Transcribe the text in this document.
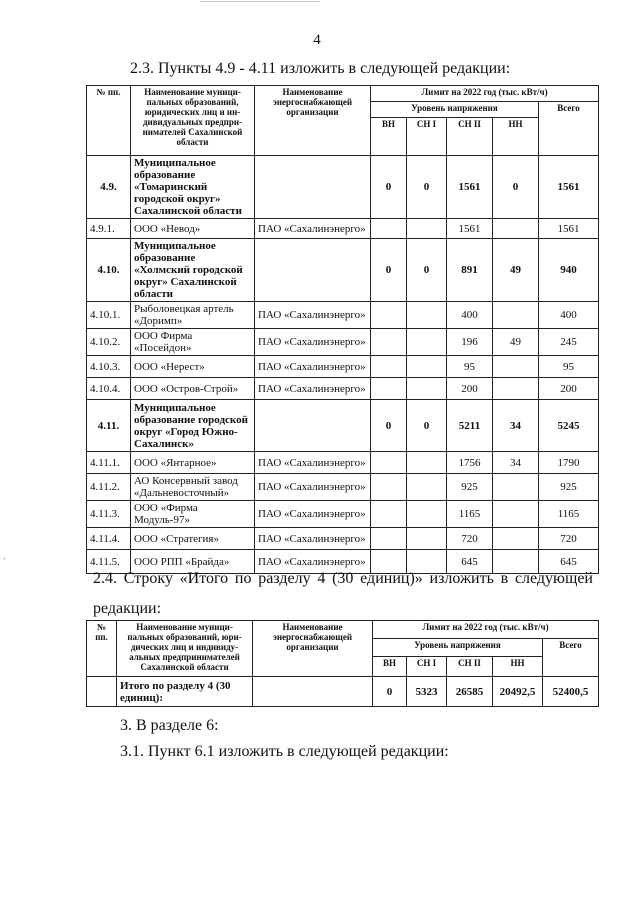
ˋ
4
2.3. Пункты 4.9 - 4.11 изложить в следующей редакции:
№ пп.	Наименование муниципальных образований, юридических лиц и индивидуальных предпринимателей Сахалинской области	Наименование энергоснабжающей организации	Лимит на 2022 год (тыс. кВт/ч)				
			Уровень напряжения				Всего
			ВН	СН I	СН II	НН	
4.9.	Муниципальное образование «Томаринский городской округ» Сахалинской области		0	0	1561	0	1561
4.9.1.	ООО «Невод»	ПАО «Сахалинэнерго»			1561		1561
4.10.	Муниципальное образование «Холмский городской округ» Сахалинской области		0	0	891	49	940
4.10.1.	Рыболовецкая артель «Доримп»	ПАО «Сахалинэнерго»			400		400
4.10.2.	ООО Фирма «Посейдон»	ПАО «Сахалинэнерго»			196	49	245
4.10.3.	ООО «Нерест»	ПАО «Сахалинэнерго»			95		95
4.10.4.	ООО «Остров-Строй»	ПАО «Сахалинэнерго»			200		200
4.11.	Муниципальное образование городской округ «Город Южно-Сахалинск»		0	0	5211	34	5245
4.11.1.	ООО «Янтарное»	ПАО «Сахалинэнерго»			1756	34	1790
4.11.2.	АО Консервный завод «Дальневосточный»	ПАО «Сахалинэнерго»			925		925
4.11.3.	ООО «Фирма Модуль-97»	ПАО «Сахалинэнерго»			1165		1165
4.11.4.	ООО «Стратегия»	ПАО «Сахалинэнерго»			720		720
4.11.5.	ООО РПП «Брайда»	ПАО «Сахалинэнерго»			645		645
2.4. Строку «Итого по разделу 4 (30 единиц)» изложить в следующей редакции:
№ пп.	Наименование муниципальных образований, юридических лиц и индивидуальных предпринимателей Сахалинской области	Наименование энергоснабжающей организации	Лимит на 2022 год (тыс. кВт/ч)				
			Уровень напряжения				Всего
			ВН	СН I	СН II	НН	
	Итого по разделу 4 (30 единиц):		0	5323	26585	20492,5	52400,5
3. В разделе 6:
3.1. Пункт 6.1 изложить в следующей редакции:
